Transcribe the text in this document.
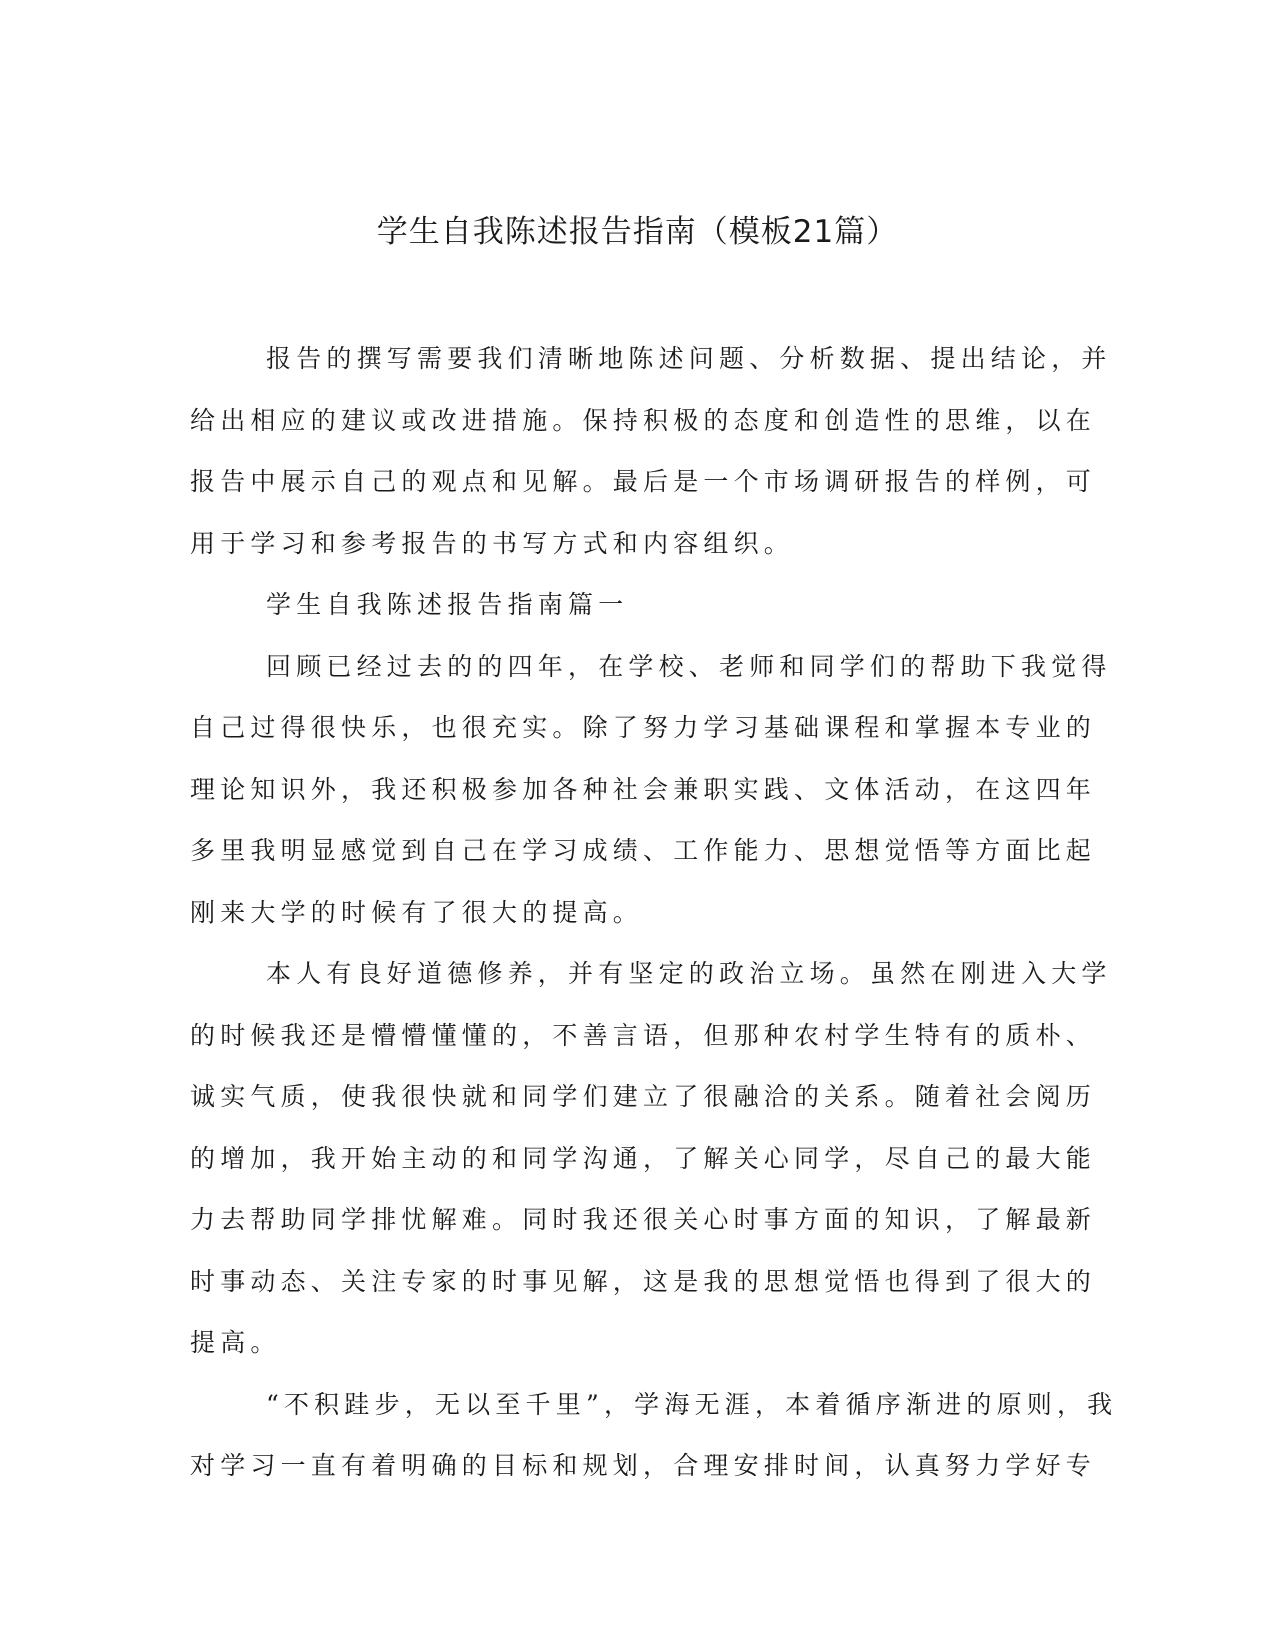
学生自我陈述报告指南（模板21篇）

报告的撰写需要我们清晰地陈述问题、分析数据、提出结论，并
给出相应的建议或改进措施。保持积极的态度和创造性的思维，以在
报告中展示自己的观点和见解。最后是一个市场调研报告的样例，可
用于学习和参考报告的书写方式和内容组织。

学生自我陈述报告指南篇一

回顾已经过去的的四年，在学校、老师和同学们的帮助下我觉得
自己过得很快乐，也很充实。除了努力学习基础课程和掌握本专业的
理论知识外，我还积极参加各种社会兼职实践、文体活动，在这四年
多里我明显感觉到自己在学习成绩、工作能力、思想觉悟等方面比起
刚来大学的时候有了很大的提高。

本人有良好道德修养，并有坚定的政治立场。虽然在刚进入大学
的时候我还是懵懵懂懂的，不善言语，但那种农村学生特有的质朴、
诚实气质，使我很快就和同学们建立了很融洽的关系。随着社会阅历
的增加，我开始主动的和同学沟通，了解关心同学，尽自己的最大能
力去帮助同学排忧解难。同时我还很关心时事方面的知识，了解最新
时事动态、关注专家的时事见解，这是我的思想觉悟也得到了很大的
提高。

“不积跬步，无以至千里”，学海无涯，本着循序渐进的原则，我
对学习一直有着明确的目标和规划，合理安排时间，认真努力学好专
